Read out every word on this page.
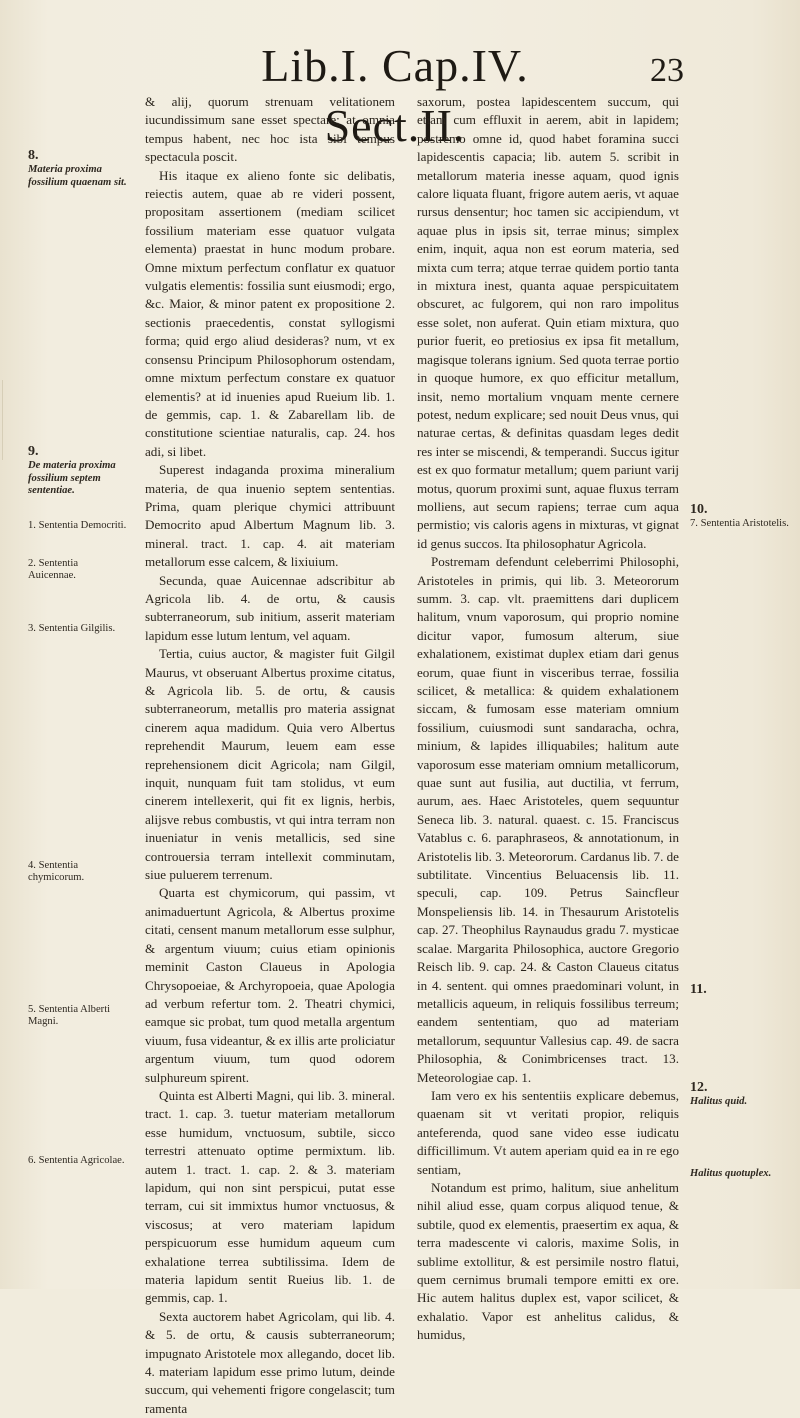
Lib.I. Cap.IV. Sect.II.
23
8.
Materia proxima fossilium quaenam sit.
9.
De materia proxima fossilium septem sententiae.
1. Sententia Democriti.
2. Sententia Auicennae.
3. Sententia Gilgilis.
4. Sententia chymicorum.
5. Sententia Alberti Magni.
6. Sententia Agricolae.
10.
7. Sententia Aristotelis.
11.
12.
Halitus quid.
Halitus quotuplex.

& alij, quorum strenuam velitationem iucundissimum sane esset spectare; at omnia tempus habent, nec hoc ista sibi tempus spectacula poscit.

His itaque ex alieno fonte sic delibatis, reiectis autem, quae ab re videri possent, propositam assertionem (mediam scilicet fossilium materiam esse quatuor vulgata elementa) praestat in hunc modum probare. Omne mixtum perfectum conflatur ex quatuor vulgatis elementis: fossilia sunt eiusmodi; ergo, &c. Maior, & minor patent ex propositione 2. sectionis praecedentis, constat syllogismi forma; quid ergo aliud desideras? num, vt ex consensu Principum Philosophorum ostendam, omne mixtum perfectum constare ex quatuor elementis? at id inuenies apud Rueium lib. 1. de gemmis, cap. 1. & Zabarellam lib. de constitutione scientiae naturalis, cap. 24. hos adi, si libet.

Superest indaganda proxima mineralium materia, de qua inuenio septem sententias. Prima, quam plerique chymici attribuunt Democrito apud Albertum Magnum lib. 3. mineral. tract. 1. cap. 4. ait materiam metallorum esse calcem, & lixiuium.

Secunda, quae Auicennae adscribitur ab Agricola lib. 4. de ortu, & causis subterraneorum, sub initium, asserit materiam lapidum esse lutum lentum, vel aquam.

Tertia, cuius auctor, & magister fuit Gilgil Maurus, vt obseruant Albertus proxime citatus, & Agricola lib. 5. de ortu, & causis subterraneorum, metallis pro materia assignat cinerem aqua madidum. Quia vero Albertus reprehendit Maurum, leuem eam esse reprehensionem dicit Agricola; nam Gilgil, inquit, nunquam fuit tam stolidus, vt eum cinerem intellexerit, qui fit ex lignis, herbis, alijsve rebus combustis, vt qui intra terram non inueniatur in venis metallicis, sed sine controuersia terram intellexit comminutam, siue puluerem terrenum.

Quarta est chymicorum, qui passim, vt animaduertunt Agricola, & Albertus proxime citati, censent manum metallorum esse sulphur, & argentum viuum; cuius etiam opinionis meminit Caston Claueus in Apologia Chrysopoeiae, & Archyropoeia, quae Apologia ad verbum refertur tom. 2. Theatri chymici, eamque sic probat, tum quod metalla argentum viuum, fusa videantur, & ex illis arte proliciatur argentum viuum, tum quod odorem sulphureum spirent.

Quinta est Alberti Magni, qui lib. 3. mineral. tract. 1. cap. 3. tuetur materiam metallorum esse humidum, vnctuosum, subtile, sicco terrestri attenuato optime permixtum. lib. autem 1. tract. 1. cap. 2. & 3. materiam lapidum, qui non sint perspicui, putat esse terram, cui sit immixtus humor vnctuosus, & viscosus; at vero materiam lapidum perspicuorum esse humidum aqueum cum exhalatione terrea subtilissima. Idem de materia lapidum sentit Rueius lib. 1. de gemmis, cap. 1.

Sexta auctorem habet Agricolam, qui lib. 4. & 5. de ortu, & causis subterraneorum; impugnato Aristotele mox allegando, docet lib. 4. materiam lapidum esse primo lutum, deinde succum, qui vehementi frigore congelascit; tum ramenta

saxorum, postea lapidescentem succum, qui etiam cum effluxit in aerem, abit in lapidem; postremo omne id, quod habet foramina succi lapidescentis capacia; lib. autem 5. scribit in metallorum materia inesse aquam, quod ignis calore liquata fluant, frigore autem aeris, vt aquae rursus densentur; hoc tamen sic accipiendum, vt aquae plus in ipsis sit, terrae minus; simplex enim, inquit, aqua non est eorum materia, sed mixta cum terra; atque terrae quidem portio tanta in mixtura inest, quanta aquae perspicuitatem obscuret, ac fulgorem, qui non raro impolitus esse solet, non auferat. Quin etiam mixtura, quo purior fuerit, eo pretiosius ex ipsa fit metallum, magisque tolerans ignium. Sed quota terrae portio in quoque humore, ex quo efficitur metallum, insit, nemo mortalium vnquam mente cernere potest, nedum explicare; sed nouit Deus vnus, qui naturae certas, & definitas quasdam leges dedit res inter se miscendi, & temperandi. Succus igitur est ex quo formatur metallum; quem pariunt varij motus, quorum proximi sunt, aquae fluxus terram molliens, aut secum rapiens; terrae cum aqua permistio; vis caloris agens in mixturas, vt gignat id genus succos. Ita philosophatur Agricola.

Postremam defendunt celeberrimi Philosophi, Aristoteles in primis, qui lib. 3. Meteororum summ. 3. cap. vlt. praemittens dari duplicem halitum, vnum vaporosum, qui proprio nomine dicitur vapor, fumosum alterum, siue exhalationem, existimat duplex etiam dari genus eorum, quae fiunt in visceribus terrae, fossilia scilicet, & metallica: & quidem exhalationem siccam, & fumosam esse materiam omnium fossilium, cuiusmodi sunt sandaracha, ochra, minium, & lapides illiquabiles; halitum aute vaporosum esse materiam omnium metallicorum, quae sunt aut fusilia, aut ductilia, vt ferrum, aurum, aes. Haec Aristoteles, quem sequuntur Seneca lib. 3. natural. quaest. c. 15. Franciscus Vatablus c. 6. paraphraseos, & annotationum, in Aristotelis lib. 3. Meteororum. Cardanus lib. 7. de subtilitate. Vincentius Beluacensis lib. 11. speculi, cap. 109. Petrus Saincfleur Monspeliensis lib. 14. in Thesaurum Aristotelis cap. 27. Theophilus Raynaudus gradu 7. mysticae scalae. Margarita Philosophica, auctore Gregorio Reisch lib. 9. cap. 24. & Caston Claueus citatus in 4. sentent. qui omnes praedominari volunt, in metallicis aqueum, in reliquis fossilibus terreum; eandem sententiam, quo ad materiam metallorum, sequuntur Vallesius cap. 49. de sacra Philosophia, & Conimbricenses tract. 13. Meteorologiae cap. 1.

Iam vero ex his sententiis explicare debemus, quaenam sit vt veritati propior, reliquis anteferenda, quod sane video esse iudicatu difficillimum. Vt autem aperiam quid ea in re ego sentiam,

Notandum est primo, halitum, siue anhelitum nihil aliud esse, quam corpus aliquod tenue, & subtile, quod ex elementis, praesertim ex aqua, & terra madescente vi caloris, maxime Solis, in sublime extollitur, & est persimile nostro flatui, quem cernimus brumali tempore emitti ex ore. Hic autem halitus duplex est, vapor scilicet, & exhalatio. Vapor est anhelitus calidus, & humidus,
